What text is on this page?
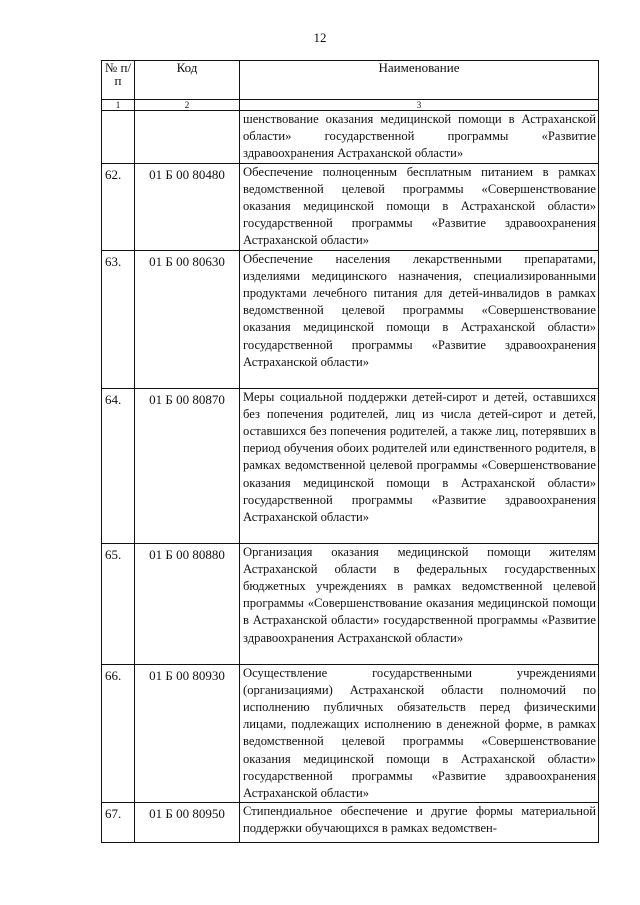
12
№ п/п	Код	Наименование
1	2	3
		шенствование оказания медицинской помощи в Астраханской области» государственной программы «Развитие здравоохранения Астраханской области»
62.	01 Б 00 80480	Обеспечение полноценным бесплатным питанием в рамках ведомственной целевой программы «Совершенствование оказания медицинской помощи в Астраханской области» государственной программы «Развитие здравоохранения Астраханской области»
63.	01 Б 00 80630	Обеспечение населения лекарственными препаратами, изделиями медицинского назначения, специализированными продуктами лечебного питания для детей-инвалидов в рамках ведомственной целевой программы «Совершенствование оказания медицинской помощи в Астраханской области» государственной программы «Развитие здравоохранения Астраханской области»
64.	01 Б 00 80870	Меры социальной поддержки детей-сирот и детей, оставшихся без попечения родителей, лиц из числа детей-сирот и детей, оставшихся без попечения родителей, а также лиц, потерявших в период обучения обоих родителей или единственного родителя, в рамках ведомственной целевой программы «Совершенствование оказания медицинской помощи в Астраханской области» государственной программы «Развитие здравоохранения Астраханской области»
65.	01 Б 00 80880	Организация оказания медицинской помощи жителям Астраханской области в федеральных государственных бюджетных учреждениях в рамках ведомственной целевой программы «Совершенствование оказания медицинской помощи в Астраханской области» государственной программы «Развитие здравоохранения Астраханской области»
66.	01 Б 00 80930	Осуществление государственными учреждениями (организациями) Астраханской области полномочий по исполнению публичных обязательств перед физическими лицами, подлежащих исполнению в денежной форме, в рамках ведомственной целевой программы «Совершенствование оказания медицинской помощи в Астраханской области» государственной программы «Развитие здравоохранения Астраханской области»
67.	01 Б 00 80950	Стипендиальное обеспечение и другие формы материальной поддержки обучающихся в рамках ведомствен-
